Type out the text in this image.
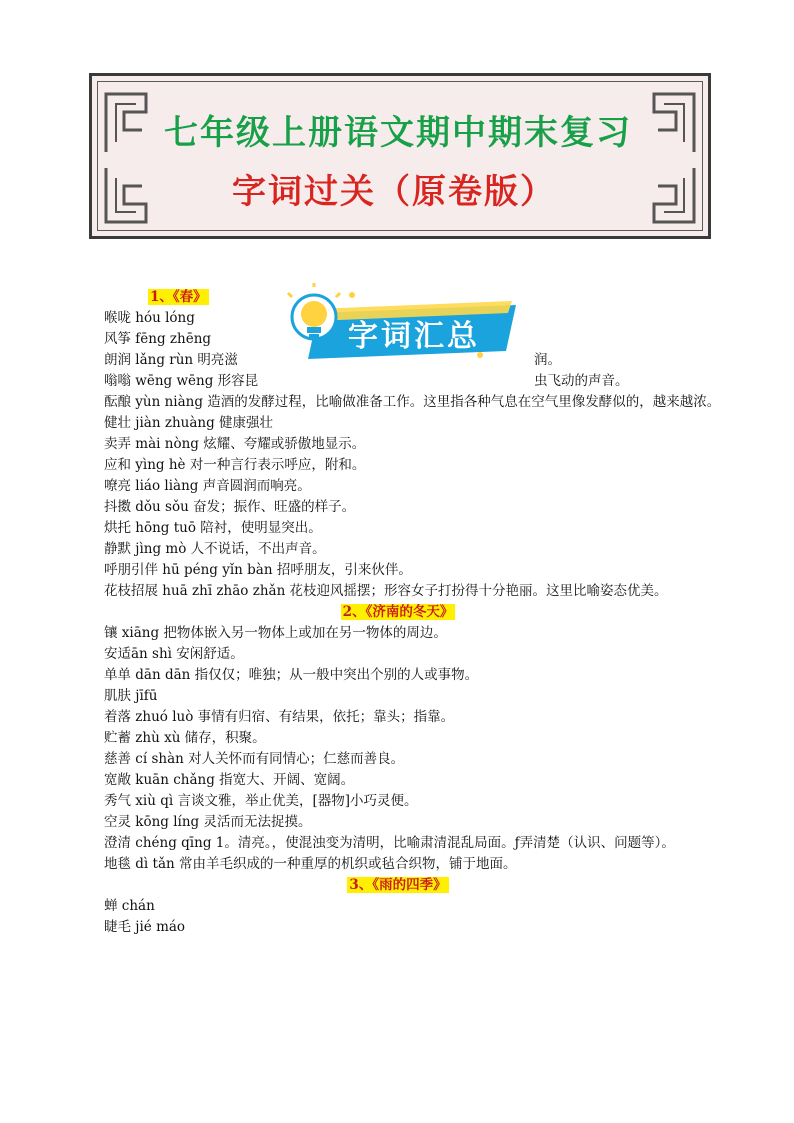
七年级上册语文期中期末复习
字词过关（原卷版）

1、《春》

喉咙 hóu lóng

风筝 fēng zhēng

朗润 lǎng rùn 明亮滋	润。

嗡嗡 wēng wēng 形容昆	虫飞动的声音。

酝酿 yùn niàng 造酒的发酵过程，比喻做准备工作。这里指各种气息在空气里像发酵似的，越来越浓。

健壮 jiàn zhuàng 健康强壮

卖弄 mài nòng 炫耀、夸耀或骄傲地显示。

应和 yìng hè 对一种言行表示呼应，附和。

嘹亮 liáo liàng 声音圆润而响亮。

抖擞 dǒu sǒu 奋发；振作、旺盛的样子。

烘托 hōng tuō 陪衬，使明显突出。

静默 jìng mò 人不说话，不出声音。

呼朋引伴 hū péng yǐn bàn 招呼朋友，引来伙伴。

花枝招展 huā zhī zhāo zhǎn 花枝迎风摇摆；形容女子打扮得十分艳丽。这里比喻姿态优美。

2、《济南的冬天》

镶 xiāng 把物体嵌入另一物体上或加在另一物体的周边。

安适ān shì 安闲舒适。

单单 dān dān 指仅仅；唯独；从一般中突出个别的人或事物。

肌肤 jīfū

着落 zhuó luò 事情有归宿、有结果，依托；靠头；指靠。

贮蓄 zhù xù 储存，积聚。

慈善 cí shàn 对人关怀而有同情心；仁慈而善良。

宽敞 kuān chǎng 指宽大、开阔、宽阔。

秀气 xiù qì 言谈文雅，举止优美，[器物]小巧灵便。

空灵 kōng líng 灵活而无法捉摸。

澄清 chéng qīng 1。清亮。，使混浊变为清明，比喻肃清混乱局面。ƒ弄清楚（认识、问题等）。

地毯 dì tǎn 常由羊毛织成的一种重厚的机织或毡合织物，铺于地面。

3、《雨的四季》

蝉 chán

睫毛 jié máo

字词汇总
